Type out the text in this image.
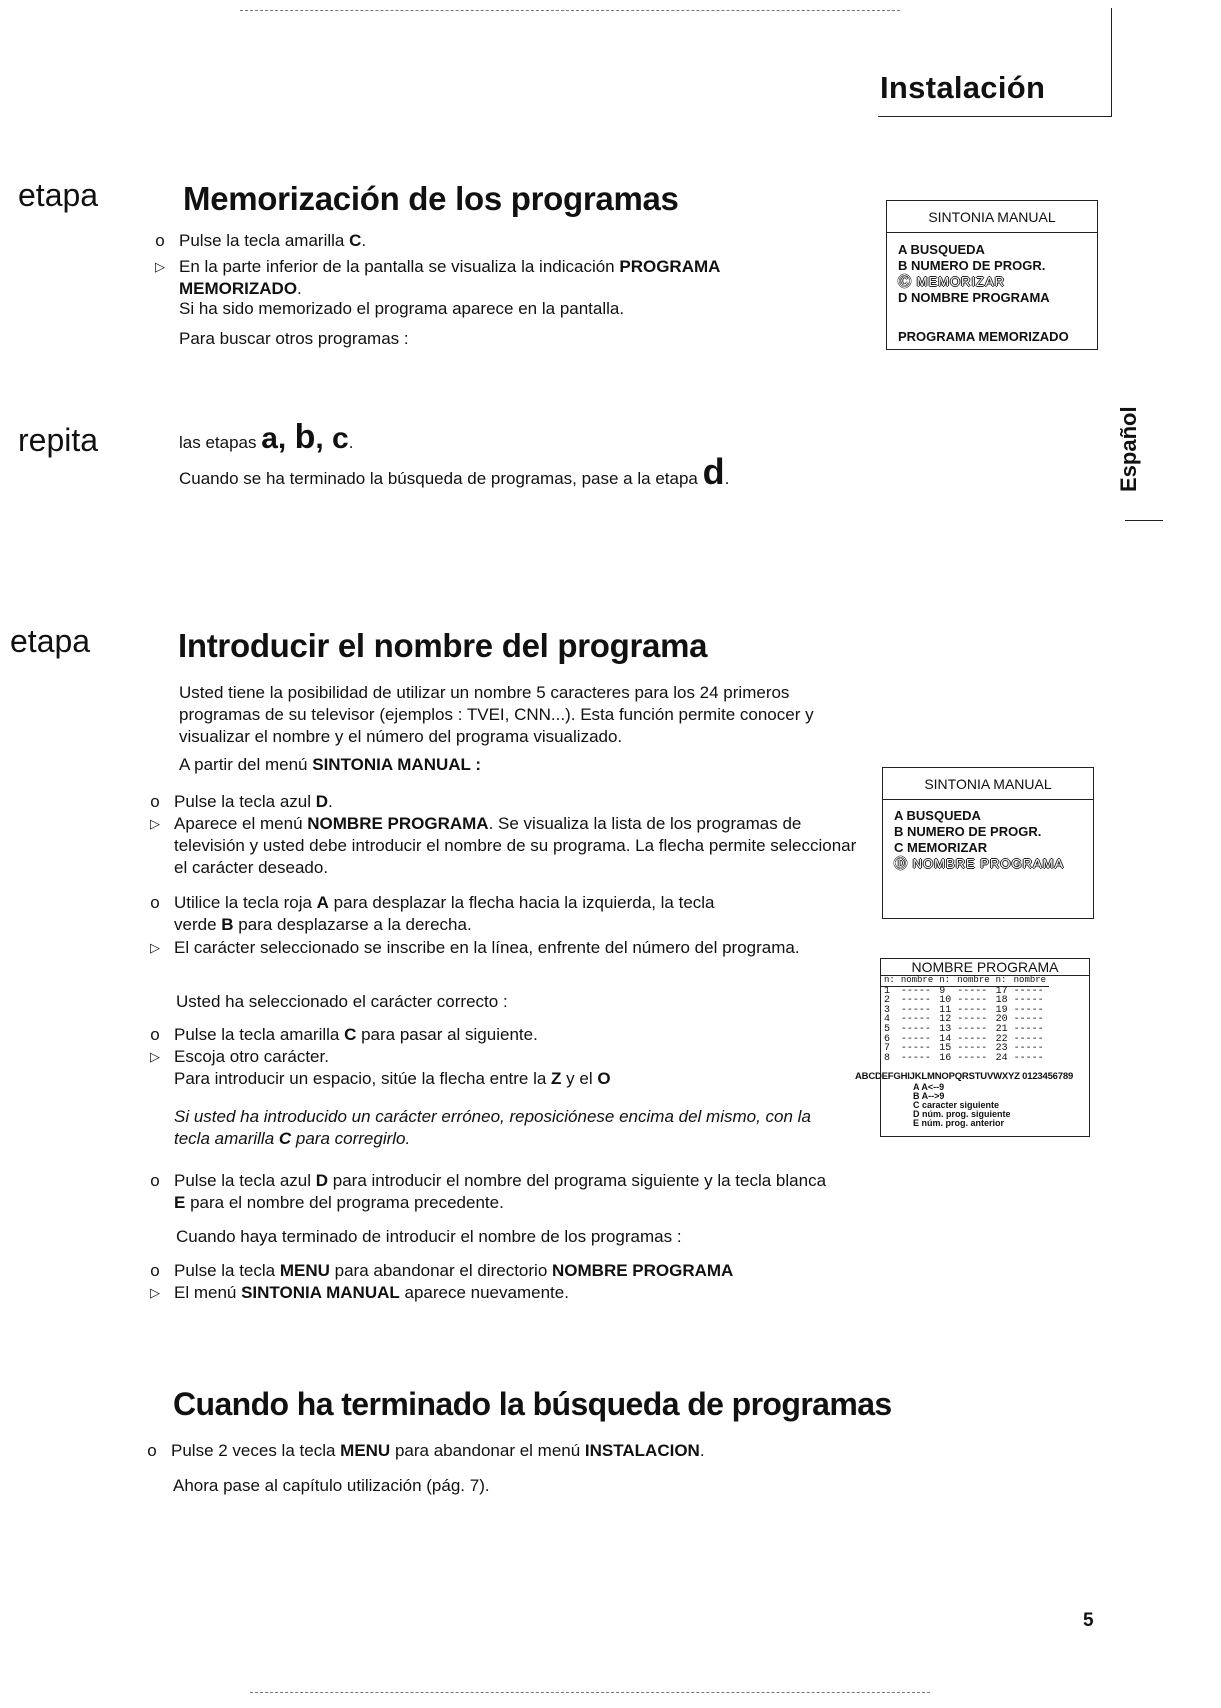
Instalación
Español
etapa	Memorización de los programas
o Pulse la tecla amarilla C.
▷ En la parte inferior de la pantalla se visualiza la indicación PROGRAMA MEMORIZADO.
Si ha sido memorizado el programa aparece en la pantalla.
Para buscar otros programas :
SINTONIA MANUAL
A BUSQUEDA
B NUMERO DE PROGR.
Ⓒ MEMORIZAR
D NOMBRE PROGRAMA
PROGRAMA MEMORIZADO
repita	las etapas a, b, c.
Cuando se ha terminado la búsqueda de programas, pase a la etapa d.
etapa	Introducir el nombre del programa
Usted tiene la posibilidad de utilizar un nombre 5 caracteres para los 24 primeros programas de su televisor (ejemplos : TVEI, CNN...). Esta función permite conocer y visualizar el nombre y el número del programa visualizado.
A partir del menú SINTONIA MANUAL :
o Pulse la tecla azul D.
▷ Aparece el menú NOMBRE PROGRAMA. Se visualiza la lista de los programas de televisión y usted debe introducir el nombre de su programa. La flecha permite seleccionar el carácter deseado.
o Utilice la tecla roja A para desplazar la flecha hacia la izquierda, la tecla verde B para desplazarse a la derecha.
▷ El carácter seleccionado se inscribe en la línea, enfrente del número del programa.
Usted ha seleccionado el carácter correcto :
o Pulse la tecla amarilla C para pasar al siguiente.
▷ Escoja otro carácter.
Para introducir un espacio, sitúe la flecha entre la Z y el O
Si usted ha introducido un carácter erróneo, reposiciónese encima del mismo, con la tecla amarilla C para corregirlo.
o Pulse la tecla azul D para introducir el nombre del programa siguiente y la tecla blanca E para el nombre del programa precedente.
Cuando haya terminado de introducir el nombre de los programas :
o Pulse la tecla MENU para abandonar el directorio NOMBRE PROGRAMA
▷ El menú SINTONIA MANUAL aparece nuevamente.
SINTONIA MANUAL
A BUSQUEDA
B NUMERO DE PROGR.
C MEMORIZAR
Ⓓ NOMBRE PROGRAMA
NOMBRE PROGRAMA
n:	nombre	n:	nombre	n:	nombre
1	-----	9	-----	17	-----
2	-----	10	-----	18	-----
3	-----	11	-----	19	-----
4	-----	12	-----	20	-----
5	-----	13	-----	21	-----
6	-----	14	-----	22	-----
7	-----	15	-----	23	-----
8	-----	16	-----	24	-----
ABCDEFGHIJKLMNOPQRSTUVWXYZ 0123456789
A A<--9
B A-->9
C caracter siguiente
D núm. prog. siguiente
E núm. prog. anterior
Cuando ha terminado la búsqueda de programas
o Pulse 2 veces la tecla MENU para abandonar el menú INSTALACION.
Ahora pase al capítulo utilización (pág. 7).
5
